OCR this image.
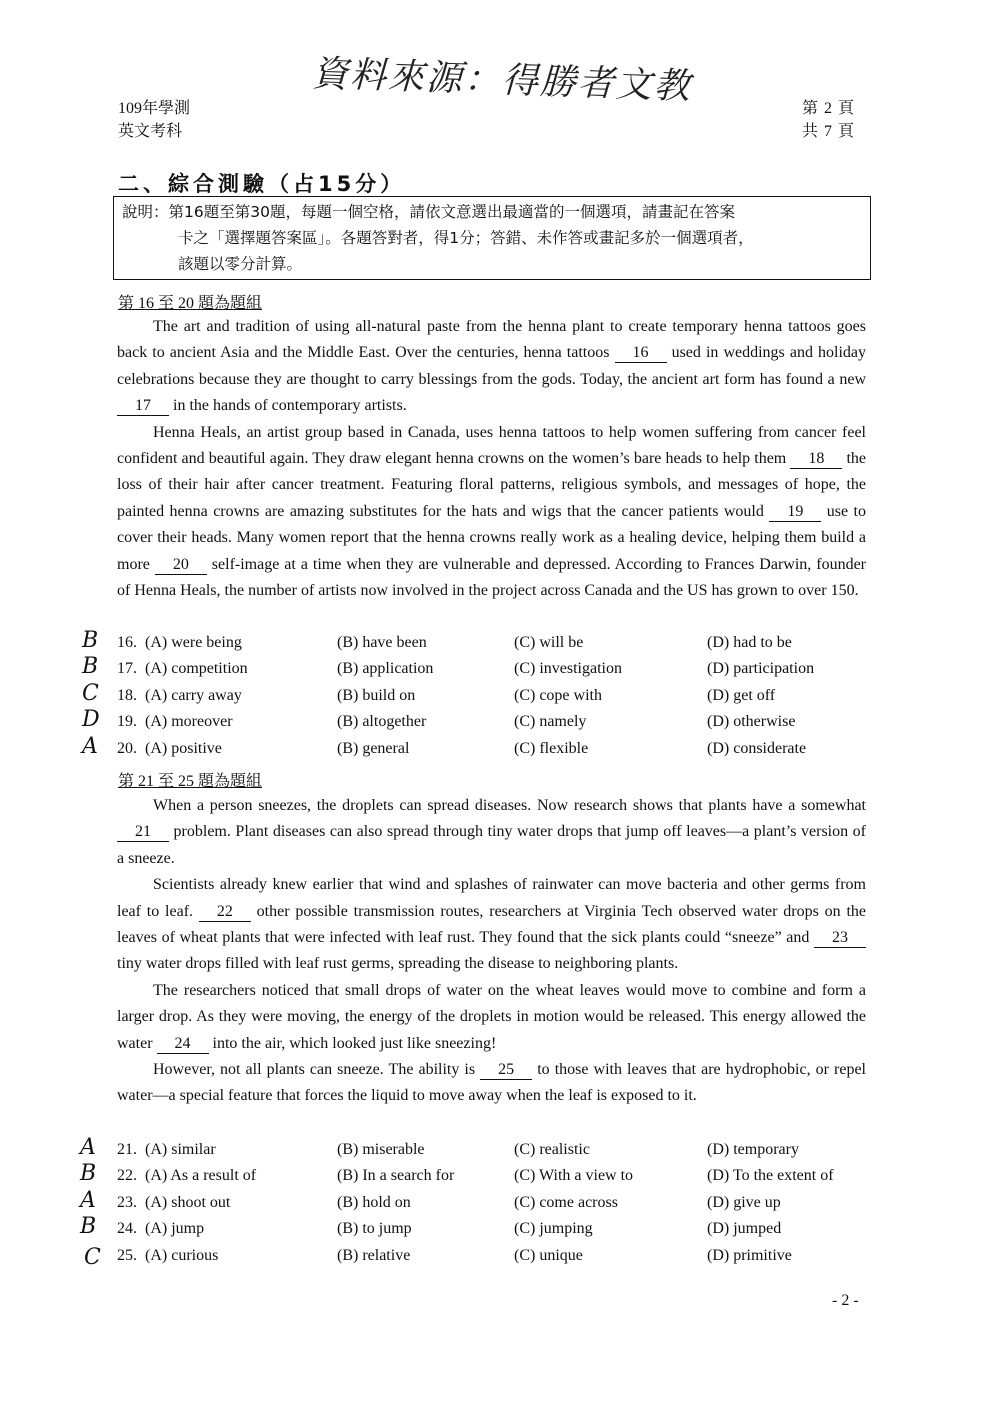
資料來源：得勝者文教
109年學測
英文考科
第 2 頁
共 7 頁
二、綜合測驗（占15分）
說明：第16題至第30題，每題一個空格，請依文意選出最適當的一個選項，請畫記在答案
卡之「選擇題答案區」。各題答對者，得1分；答錯、未作答或畫記多於一個選項者，
該題以零分計算。
第 16 至 20 題為題組

The art and tradition of using all-natural paste from the henna plant to create temporary henna tattoos goes back to ancient Asia and the Middle East. Over the centuries, henna tattoos 16 used in weddings and holiday celebrations because they are thought to carry blessings from the gods. Today, the ancient art form has found a new 17 in the hands of contemporary artists.

Henna Heals, an artist group based in Canada, uses henna tattoos to help women suffering from cancer feel confident and beautiful again. They draw elegant henna crowns on the women’s bare heads to help them 18 the loss of their hair after cancer treatment. Featuring floral patterns, religious symbols, and messages of hope, the painted henna crowns are amazing substitutes for the hats and wigs that the cancer patients would 19 use to cover their heads. Many women report that the henna crowns really work as a healing device, helping them build a more 20 self-image at a time when they are vulnerable and depressed. According to Frances Darwin, founder of Henna Heals, the number of artists now involved in the project across Canada and the US has grown to over 150.

B 16. (A) were being	(B) have been	(C) will be	(D) had to be
B 17. (A) competition	(B) application	(C) investigation	(D) participation
C 18. (A) carry away	(B) build on	(C) cope with	(D) get off
D 19. (A) moreover	(B) altogether	(C) namely	(D) otherwise
A 20. (A) positive	(B) general	(C) flexible	(D) considerate
第 21 至 25 題為題組

When a person sneezes, the droplets can spread diseases. Now research shows that plants have a somewhat 21 problem. Plant diseases can also spread through tiny water drops that jump off leaves—a plant’s version of a sneeze.

Scientists already knew earlier that wind and splashes of rainwater can move bacteria and other germs from leaf to leaf. 22 other possible transmission routes, researchers at Virginia Tech observed water drops on the leaves of wheat plants that were infected with leaf rust. They found that the sick plants could “sneeze” and 23 tiny water drops filled with leaf rust germs, spreading the disease to neighboring plants.

The researchers noticed that small drops of water on the wheat leaves would move to combine and form a larger drop. As they were moving, the energy of the droplets in motion would be released. This energy allowed the water 24 into the air, which looked just like sneezing!

However, not all plants can sneeze. The ability is 25 to those with leaves that are hydrophobic, or repel water—a special feature that forces the liquid to move away when the leaf is exposed to it.

A 21. (A) similar	(B) miserable	(C) realistic	(D) temporary
B 22. (A) As a result of	(B) In a search for	(C) With a view to	(D) To the extent of
A 23. (A) shoot out	(B) hold on	(C) come across	(D) give up
B 24. (A) jump	(B) to jump	(C) jumping	(D) jumped
C 25. (A) curious	(B) relative	(C) unique	(D) primitive
- 2 -
